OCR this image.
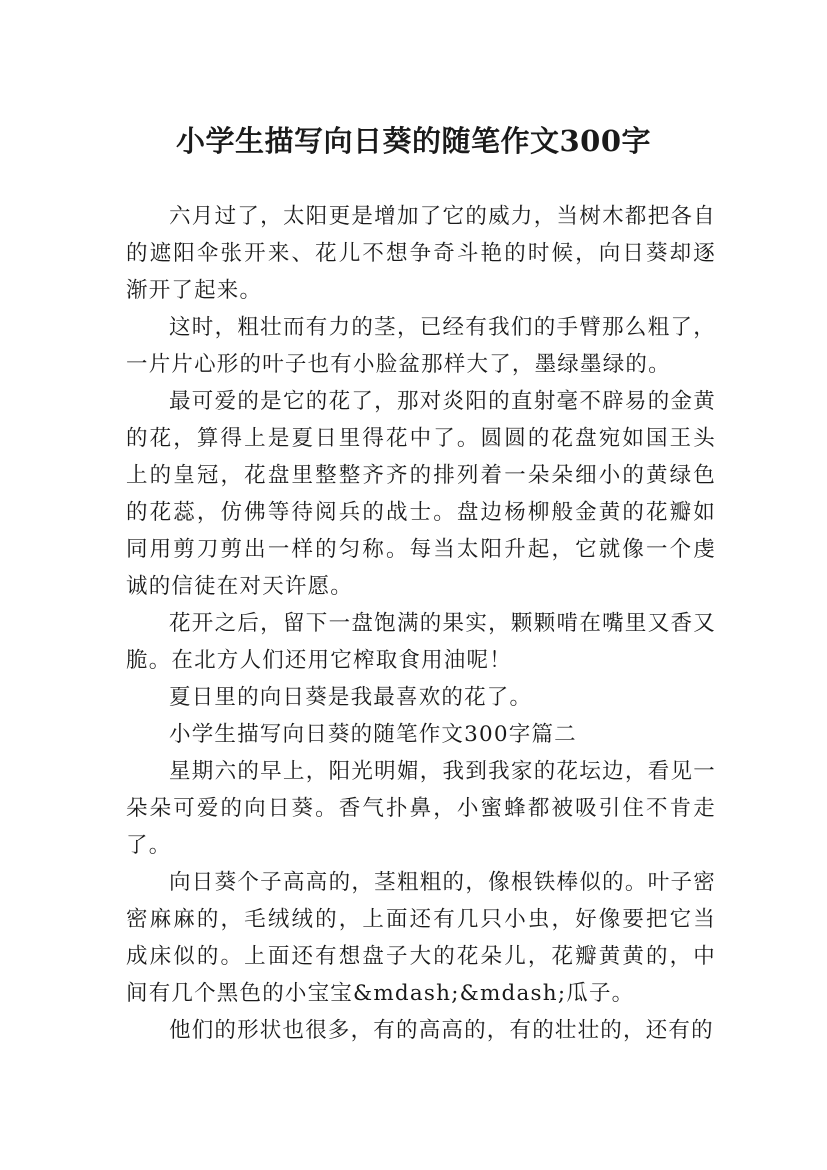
小学生描写向日葵的随笔作文300字

六月过了，太阳更是增加了它的威力，当树木都把各自的遮阳伞张开来、花儿不想争奇斗艳的时候，向日葵却逐渐开了起来。

这时，粗壮而有力的茎，已经有我们的手臂那么粗了，一片片心形的叶子也有小脸盆那样大了，墨绿墨绿的。

最可爱的是它的花了，那对炎阳的直射毫不辟易的金黄的花，算得上是夏日里得花中了。圆圆的花盘宛如国王头上的皇冠，花盘里整整齐齐的排列着一朵朵细小的黄绿色的花蕊，仿佛等待阅兵的战士。盘边杨柳般金黄的花瓣如同用剪刀剪出一样的匀称。每当太阳升起，它就像一个虔诚的信徒在对天许愿。

花开之后，留下一盘饱满的果实，颗颗啃在嘴里又香又脆。在北方人们还用它榨取食用油呢！

夏日里的向日葵是我最喜欢的花了。

小学生描写向日葵的随笔作文300字篇二

星期六的早上，阳光明媚，我到我家的花坛边，看见一朵朵可爱的向日葵。香气扑鼻，小蜜蜂都被吸引住不肯走了。

向日葵个子高高的，茎粗粗的，像根铁棒似的。叶子密密麻麻的，毛绒绒的，上面还有几只小虫，好像要把它当成床似的。上面还有想盘子大的花朵儿，花瓣黄黄的，中间有几个黑色的小宝宝&mdash;&mdash;瓜子。

他们的形状也很多，有的高高的，有的壮壮的，还有的
